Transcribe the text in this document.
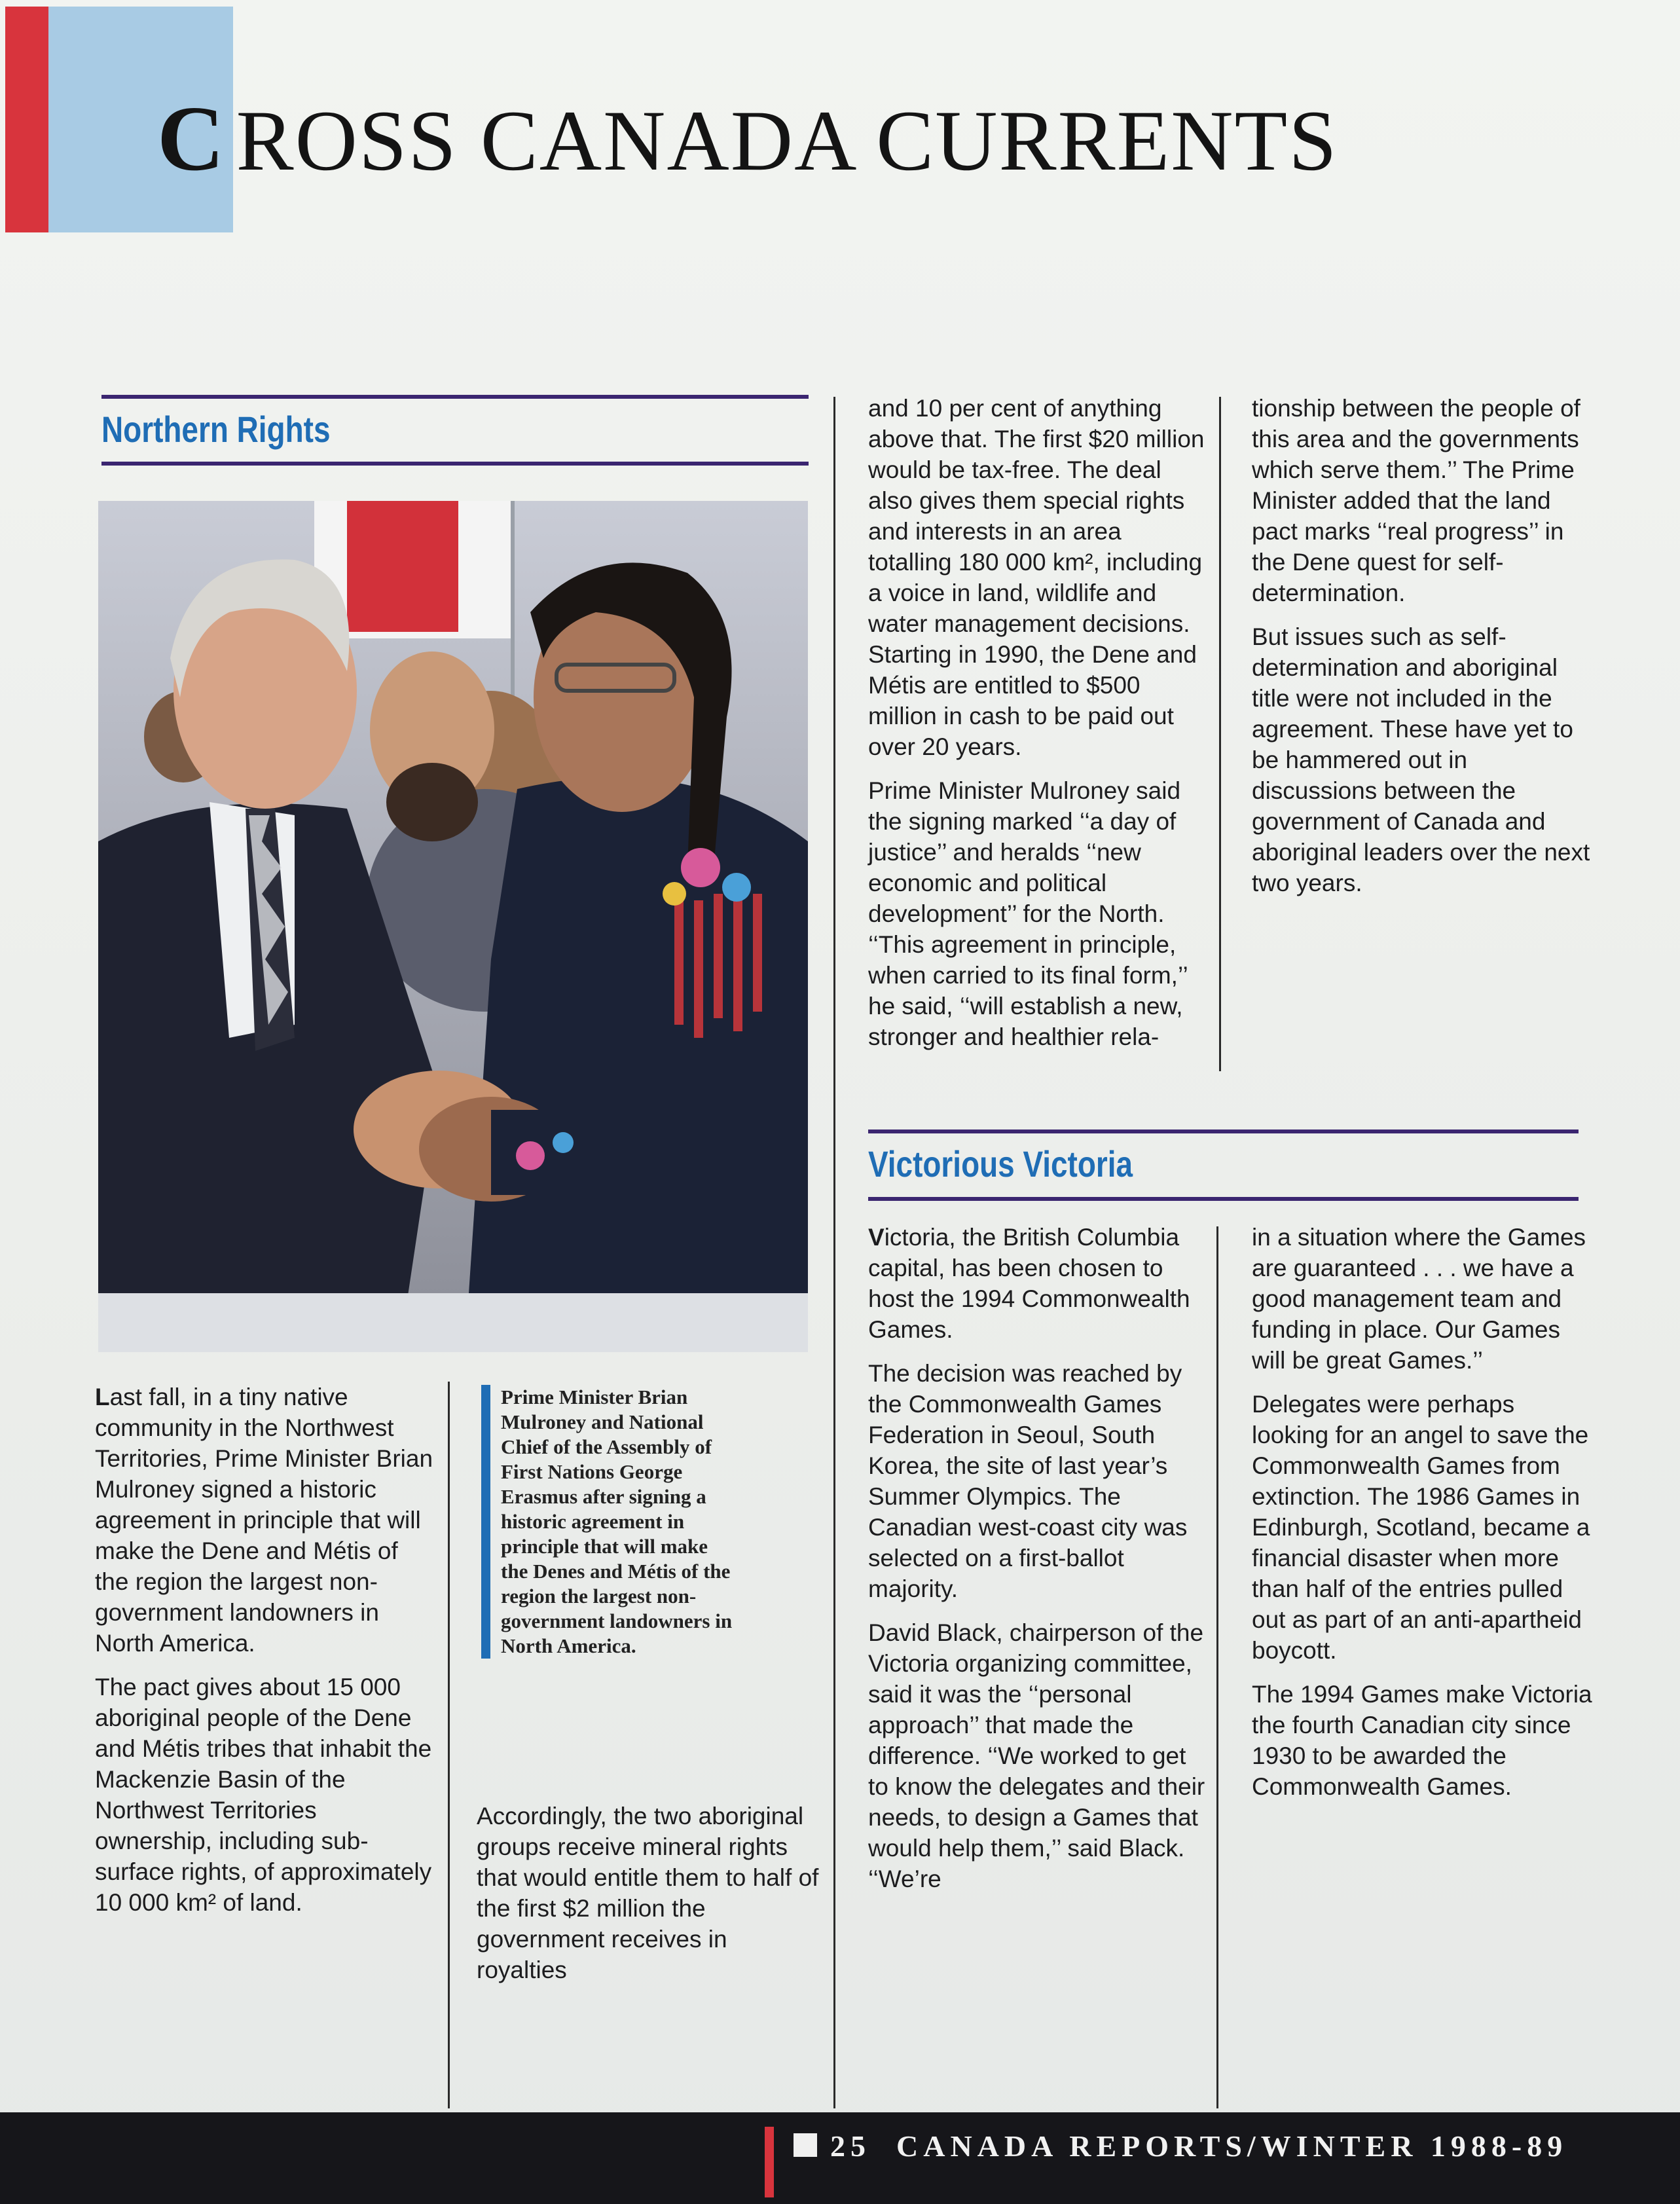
C ROSS CANADA CURRENTS
Northern Rights

Last fall, in a tiny native community in the Northwest Territories, Prime Minister Brian Mulroney signed a historic agreement in principle that will make the Dene and Métis of the region the largest non-government landowners in North America.

The pact gives about 15 000 aboriginal people of the Dene and Métis tribes that inhabit the Mackenzie Basin of the Northwest Territories ownership, including sub-surface rights, of approximately 10 000 km² of land.

Prime Minister Brian Mulroney and National Chief of the Assembly of First Nations George Erasmus after signing a historic agreement in principle that will make the Denes and Métis of the region the largest non-government landowners in North America.

Accordingly, the two aboriginal groups receive mineral rights that would entitle them to half of the first $2 million the government receives in royalties

and 10 per cent of anything above that. The first $20 million would be tax-free. The deal also gives them special rights and interests in an area totalling 180 000 km², including a voice in land, wildlife and water management decisions. Starting in 1990, the Dene and Métis are entitled to $500 million in cash to be paid out over 20 years.

Prime Minister Mulroney said the signing marked ‘‘a day of justice’’ and heralds ‘‘new economic and political development’’ for the North. ‘‘This agreement in principle, when carried to its final form,’’ he said, ‘‘will establish a new, stronger and healthier rela-

tionship between the people of this area and the governments which serve them.’’ The Prime Minister added that the land pact marks ‘‘real progress’’ in the Dene quest for self-determination.

But issues such as self-determination and aboriginal title were not included in the agreement. These have yet to be hammered out in discussions between the government of Canada and aboriginal leaders over the next two years.

Victorious Victoria

Victoria, the British Columbia capital, has been chosen to host the 1994 Commonwealth Games.

The decision was reached by the Commonwealth Games Federation in Seoul, South Korea, the site of last year’s Summer Olympics. The Canadian west-coast city was selected on a first-ballot majority.

David Black, chairperson of the Victoria organizing committee, said it was the ‘‘personal approach’’ that made the difference. ‘‘We worked to get to know the delegates and their needs, to design a Games that would help them,’’ said Black. ‘‘We’re

in a situation where the Games are guaranteed . . . we have a good management team and funding in place. Our Games will be great Games.’’

Delegates were perhaps looking for an angel to save the Commonwealth Games from extinction. The 1986 Games in Edinburgh, Scotland, became a financial disaster when more than half of the entries pulled out as part of an anti-apartheid boycott.

The 1994 Games make Victoria the fourth Canadian city since 1930 to be awarded the Commonwealth Games.

25 CANADA REPORTS/WINTER 1988-89
